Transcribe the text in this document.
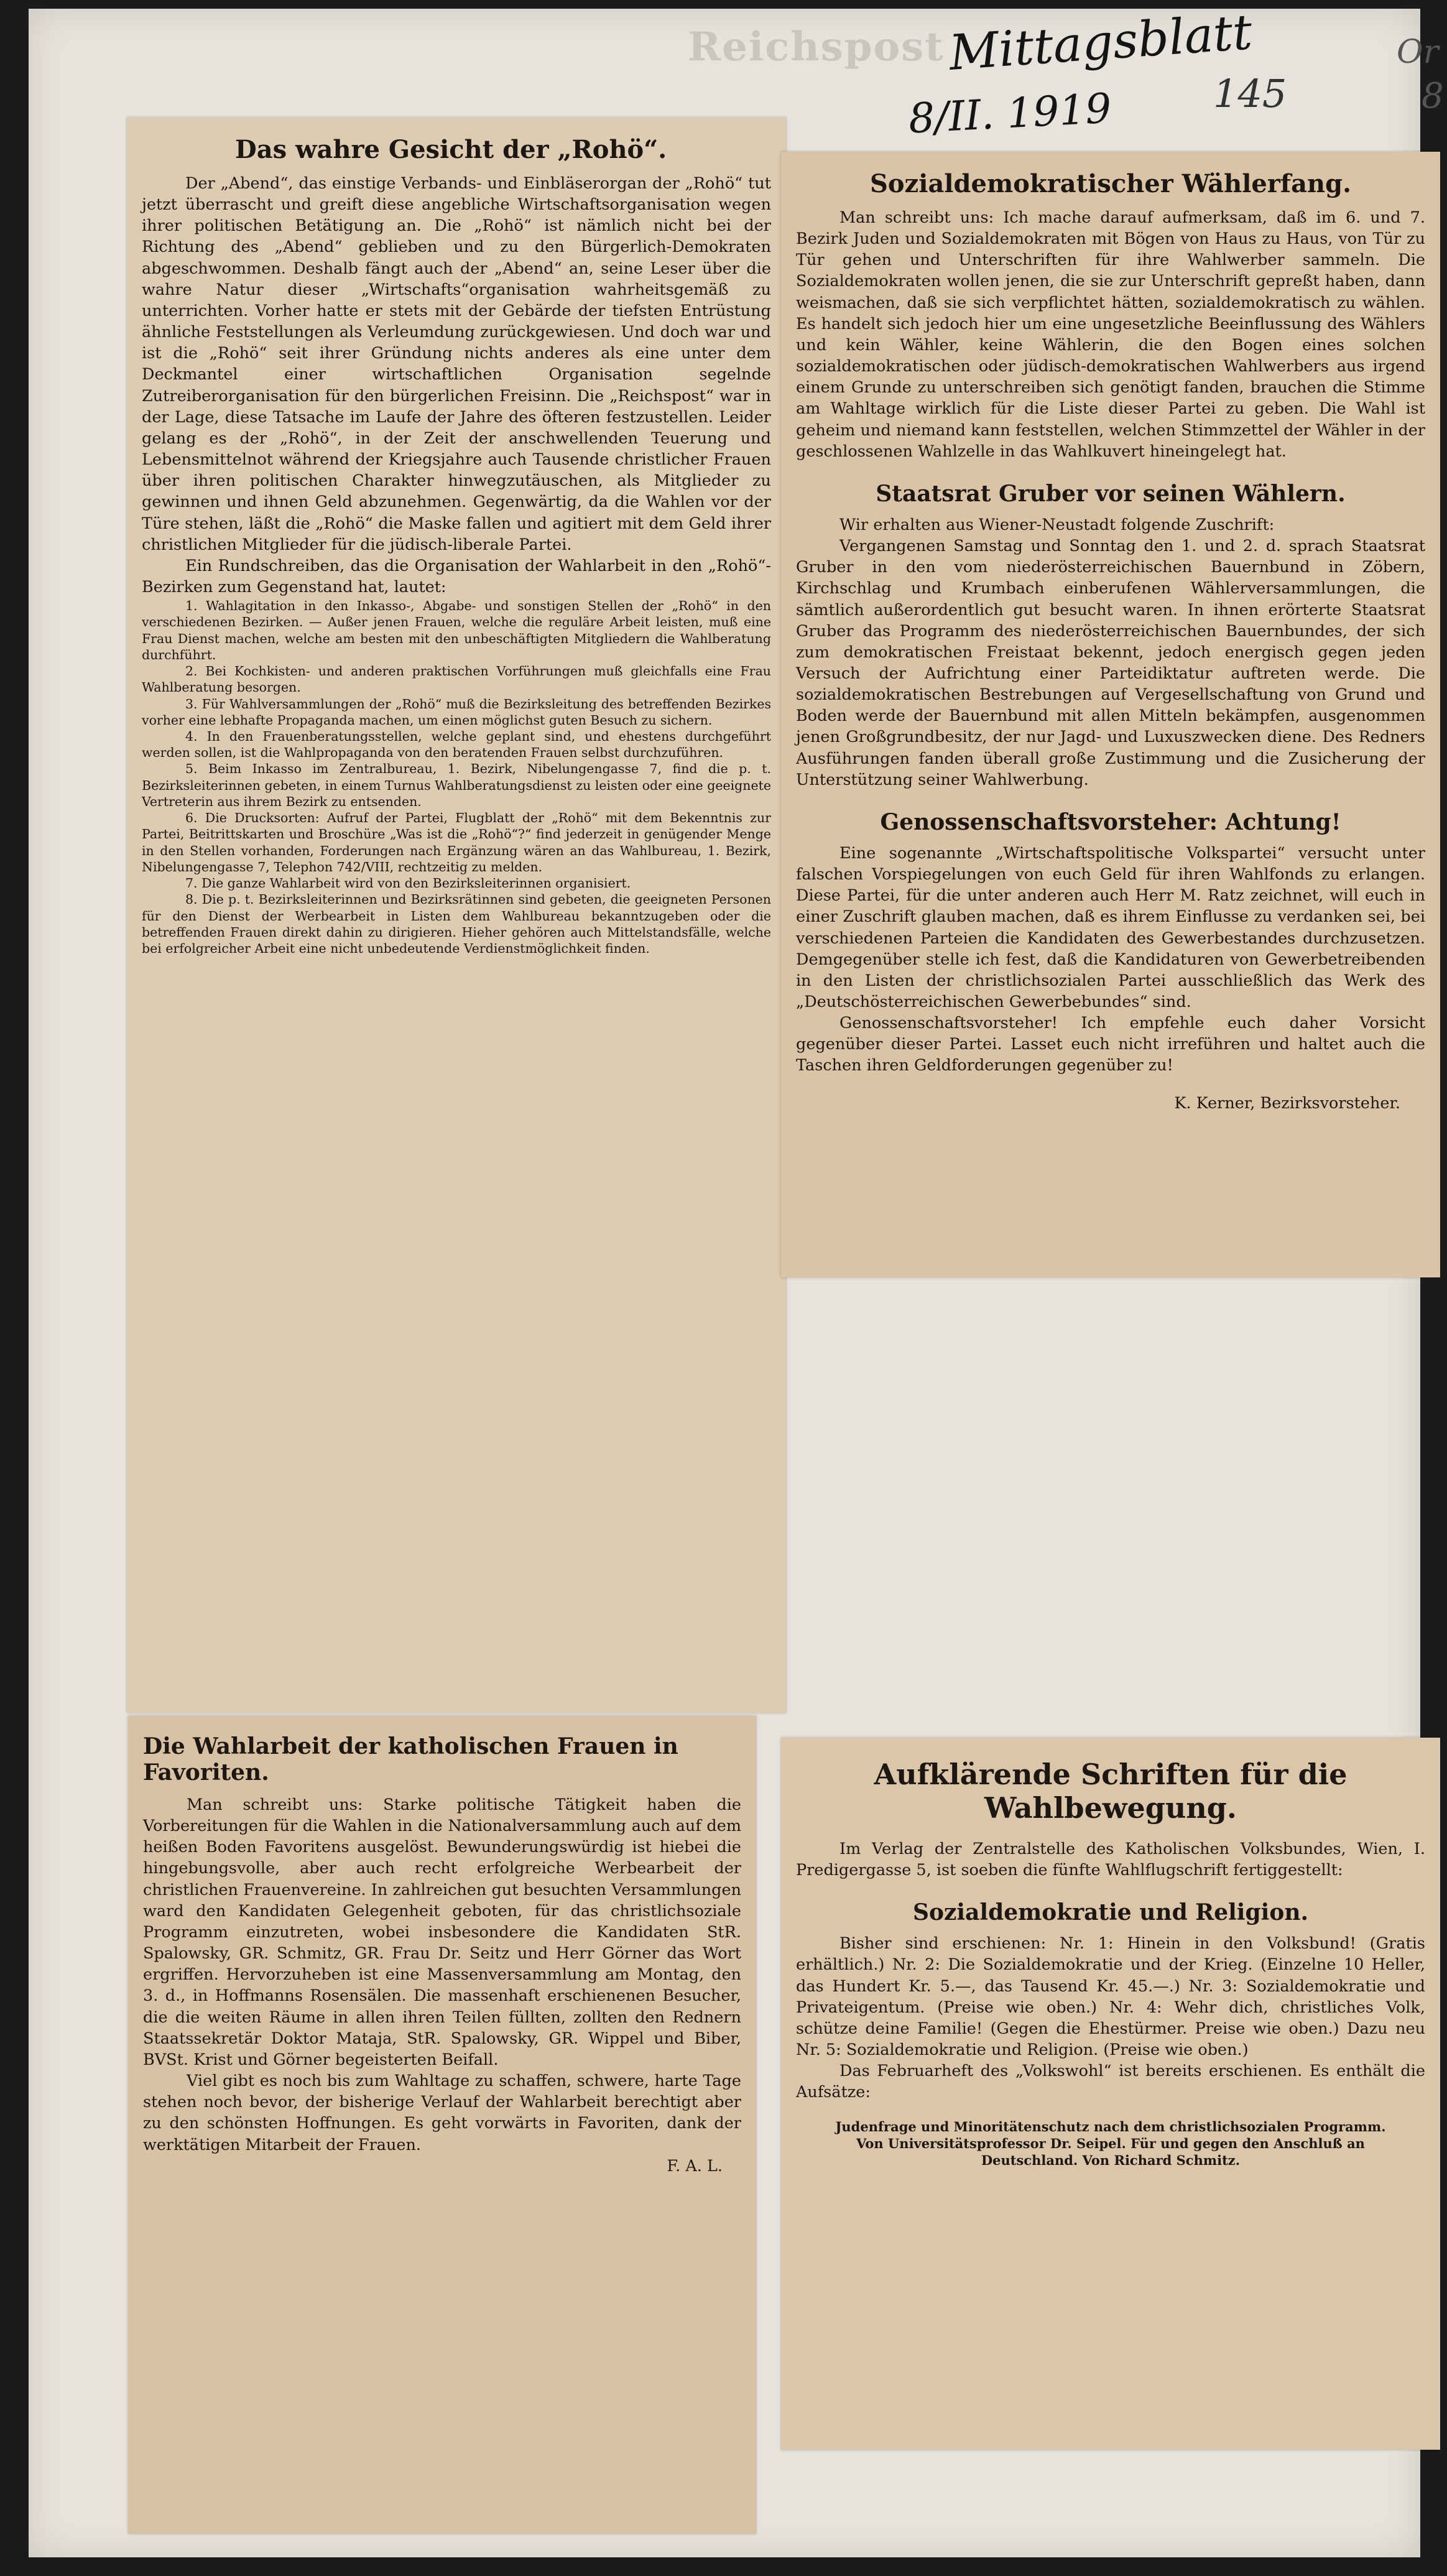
Reichspost Mittagsblatt
8/II. 1919	145
Or
8
Das wahre Gesicht der „Rohö“.

Der „Abend“, das einstige Verbands- und Einbläserorgan der „Rohö“ tut jetzt überrascht und greift diese angebliche Wirtschaftsorganisation wegen ihrer politischen Betätigung an. Die „Rohö“ ist nämlich nicht bei der Richtung des „Abend“ geblieben und zu den Bürgerlich-Demokraten abgeschwommen. Deshalb fängt auch der „Abend“ an, seine Leser über die wahre Natur dieser „Wirtschafts“organisation wahrheitsgemäß zu unterrichten. Vorher hatte er stets mit der Gebärde der tiefsten Entrüstung ähnliche Feststellungen als Verleumdung zurückgewiesen. Und doch war und ist die „Rohö“ seit ihrer Gründung nichts anderes als eine unter dem Deckmantel einer wirtschaftlichen Organisation segelnde Zutreiberorganisation für den bürgerlichen Freisinn. Die „Reichspost“ war in der Lage, diese Tatsache im Laufe der Jahre des öfteren festzustellen. Leider gelang es der „Rohö“, in der Zeit der anschwellenden Teuerung und Lebensmittelnot während der Kriegsjahre auch Tausende christlicher Frauen über ihren politischen Charakter hinwegzutäuschen, als Mitglieder zu gewinnen und ihnen Geld abzunehmen. Gegenwärtig, da die Wahlen vor der Türe stehen, läßt die „Rohö“ die Maske fallen und agitiert mit dem Geld ihrer christlichen Mitglieder für die jüdisch-liberale Partei.

Ein Rundschreiben, das die Organisation der Wahlarbeit in den „Rohö“-Bezirken zum Gegenstand hat, lautet:

1. Wahlagitation in den Inkasso-, Abgabe- und sonstigen Stellen der „Rohö“ in den verschiedenen Bezirken. — Außer jenen Frauen, welche die reguläre Arbeit leisten, muß eine Frau Dienst machen, welche am besten mit den unbeschäftigten Mitgliedern die Wahlberatung durchführt.

2. Bei Kochkisten- und anderen praktischen Vorführungen muß gleichfalls eine Frau Wahlberatung besorgen.

3. Für Wahlversammlungen der „Rohö“ muß die Bezirksleitung des betreffenden Bezirkes vorher eine lebhafte Propaganda machen, um einen möglichst guten Besuch zu sichern.

4. In den Frauenberatungsstellen, welche geplant sind, und ehestens durchgeführt werden sollen, ist die Wahlpropaganda von den beratenden Frauen selbst durchzuführen.

5. Beim Inkasso im Zentralbureau, 1. Bezirk, Nibelungengasse 7, find die p. t. Bezirksleiterinnen gebeten, in einem Turnus Wahlberatungsdienst zu leisten oder eine geeignete Vertreterin aus ihrem Bezirk zu entsenden.

6. Die Drucksorten: Aufruf der Partei, Flugblatt der „Rohö“ mit dem Bekenntnis zur Partei, Beitrittskarten und Broschüre „Was ist die „Rohö“?“ find jederzeit in genügender Menge in den Stellen vorhanden, Forderungen nach Ergänzung wären an das Wahlbureau, 1. Bezirk, Nibelungengasse 7, Telephon 742/VIII, rechtzeitig zu melden.

7. Die ganze Wahlarbeit wird von den Bezirksleiterinnen organisiert.

8. Die p. t. Bezirksleiterinnen und Bezirksrätinnen sind gebeten, die geeigneten Personen für den Dienst der Werbearbeit in Listen dem Wahlbureau bekanntzugeben oder die betreffenden Frauen direkt dahin zu dirigieren. Hieher gehören auch Mittelstandsfälle, welche bei erfolgreicher Arbeit eine nicht unbedeutende Verdienstmöglichkeit finden.

Die Wahlarbeit der katholischen Frauen in Favoriten.

Man schreibt uns: Starke politische Tätigkeit haben die Vorbereitungen für die Wahlen in die Nationalversammlung auch auf dem heißen Boden Favoritens ausgelöst. Bewunderungswürdig ist hiebei die hingebungsvolle, aber auch recht erfolgreiche Werbearbeit der christlichen Frauenvereine. In zahlreichen gut besuchten Versammlungen ward den Kandidaten Gelegenheit geboten, für das christlichsoziale Programm einzutreten, wobei insbesondere die Kandidaten StR. Spalowsky, GR. Schmitz, GR. Frau Dr. Seitz und Herr Görner das Wort ergriffen. Hervorzuheben ist eine Massenversammlung am Montag, den 3. d., in Hoffmanns Rosensälen. Die massenhaft erschienenen Besucher, die die weiten Räume in allen ihren Teilen füllten, zollten den Rednern Staatssekretär Doktor Mataja, StR. Spalowsky, GR. Wippel und Biber, BVSt. Krist und Görner begeisterten Beifall.

Viel gibt es noch bis zum Wahltage zu schaffen, schwere, harte Tage stehen noch bevor, der bisherige Verlauf der Wahlarbeit berechtigt aber zu den schönsten Hoffnungen. Es geht vorwärts in Favoriten, dank der werktätigen Mitarbeit der Frauen.

F. A. L.

Sozialdemokratischer Wählerfang.

Man schreibt uns: Ich mache darauf aufmerksam, daß im 6. und 7. Bezirk Juden und Sozialdemokraten mit Bögen von Haus zu Haus, von Tür zu Tür gehen und Unterschriften für ihre Wahlwerber sammeln. Die Sozialdemokraten wollen jenen, die sie zur Unterschrift gepreßt haben, dann weismachen, daß sie sich verpflichtet hätten, sozialdemokratisch zu wählen. Es handelt sich jedoch hier um eine ungesetzliche Beeinflussung des Wählers und kein Wähler, keine Wählerin, die den Bogen eines solchen sozialdemokratischen oder jüdisch-demokratischen Wahlwerbers aus irgend einem Grunde zu unterschreiben sich genötigt fanden, brauchen die Stimme am Wahltage wirklich für die Liste dieser Partei zu geben. Die Wahl ist geheim und niemand kann feststellen, welchen Stimmzettel der Wähler in der geschlossenen Wahlzelle in das Wahlkuvert hineingelegt hat.

Staatsrat Gruber vor seinen Wählern.

Wir erhalten aus Wiener-Neustadt folgende Zuschrift:

Vergangenen Samstag und Sonntag den 1. und 2. d. sprach Staatsrat Gruber in den vom niederösterreichischen Bauernbund in Zöbern, Kirchschlag und Krumbach einberufenen Wählerversammlungen, die sämtlich außerordentlich gut besucht waren. In ihnen erörterte Staatsrat Gruber das Programm des niederösterreichischen Bauernbundes, der sich zum demokratischen Freistaat bekennt, jedoch energisch gegen jeden Versuch der Aufrichtung einer Parteidiktatur auftreten werde. Die sozialdemokratischen Bestrebungen auf Vergesellschaftung von Grund und Boden werde der Bauernbund mit allen Mitteln bekämpfen, ausgenommen jenen Großgrundbesitz, der nur Jagd- und Luxuszwecken diene. Des Redners Ausführungen fanden überall große Zustimmung und die Zusicherung der Unterstützung seiner Wahlwerbung.

Genossenschaftsvorsteher: Achtung!

Eine sogenannte „Wirtschaftspolitische Volkspartei“ versucht unter falschen Vorspiegelungen von euch Geld für ihren Wahlfonds zu erlangen. Diese Partei, für die unter anderen auch Herr M. Ratz zeichnet, will euch in einer Zuschrift glauben machen, daß es ihrem Einflusse zu verdanken sei, bei verschiedenen Parteien die Kandidaten des Gewerbestandes durchzusetzen. Demgegenüber stelle ich fest, daß die Kandidaturen von Gewerbetreibenden in den Listen der christlichsozialen Partei ausschließlich das Werk des „Deutschösterreichischen Gewerbebundes“ sind.

Genossenschaftsvorsteher! Ich empfehle euch daher Vorsicht gegenüber dieser Partei. Lasset euch nicht irreführen und haltet auch die Taschen ihren Geldforderungen gegenüber zu!

K. Kerner, Bezirksvorsteher.

Aufklärende Schriften für die Wahlbewegung.

Im Verlag der Zentralstelle des Katholischen Volksbundes, Wien, I. Predigergasse 5, ist soeben die fünfte Wahlflugschrift fertiggestellt:

Sozialdemokratie und Religion.

Bisher sind erschienen: Nr. 1: Hinein in den Volksbund! (Gratis erhältlich.) Nr. 2: Die Sozialdemokratie und der Krieg. (Einzelne 10 Heller, das Hundert Kr. 5.—, das Tausend Kr. 45.—.) Nr. 3: Sozialdemokratie und Privateigentum. (Preise wie oben.) Nr. 4: Wehr dich, christliches Volk, schütze deine Familie! (Gegen die Ehestürmer. Preise wie oben.) Dazu neu Nr. 5: Sozialdemokratie und Religion. (Preise wie oben.)

Das Februarheft des „Volkswohl“ ist bereits erschienen. Es enthält die Aufsätze:

Judenfrage und Minoritätenschutz nach dem christlichsozialen Programm. Von Universitätsprofessor Dr. Seipel. Für und gegen den Anschluß an Deutschland. Von Richard Schmitz.
